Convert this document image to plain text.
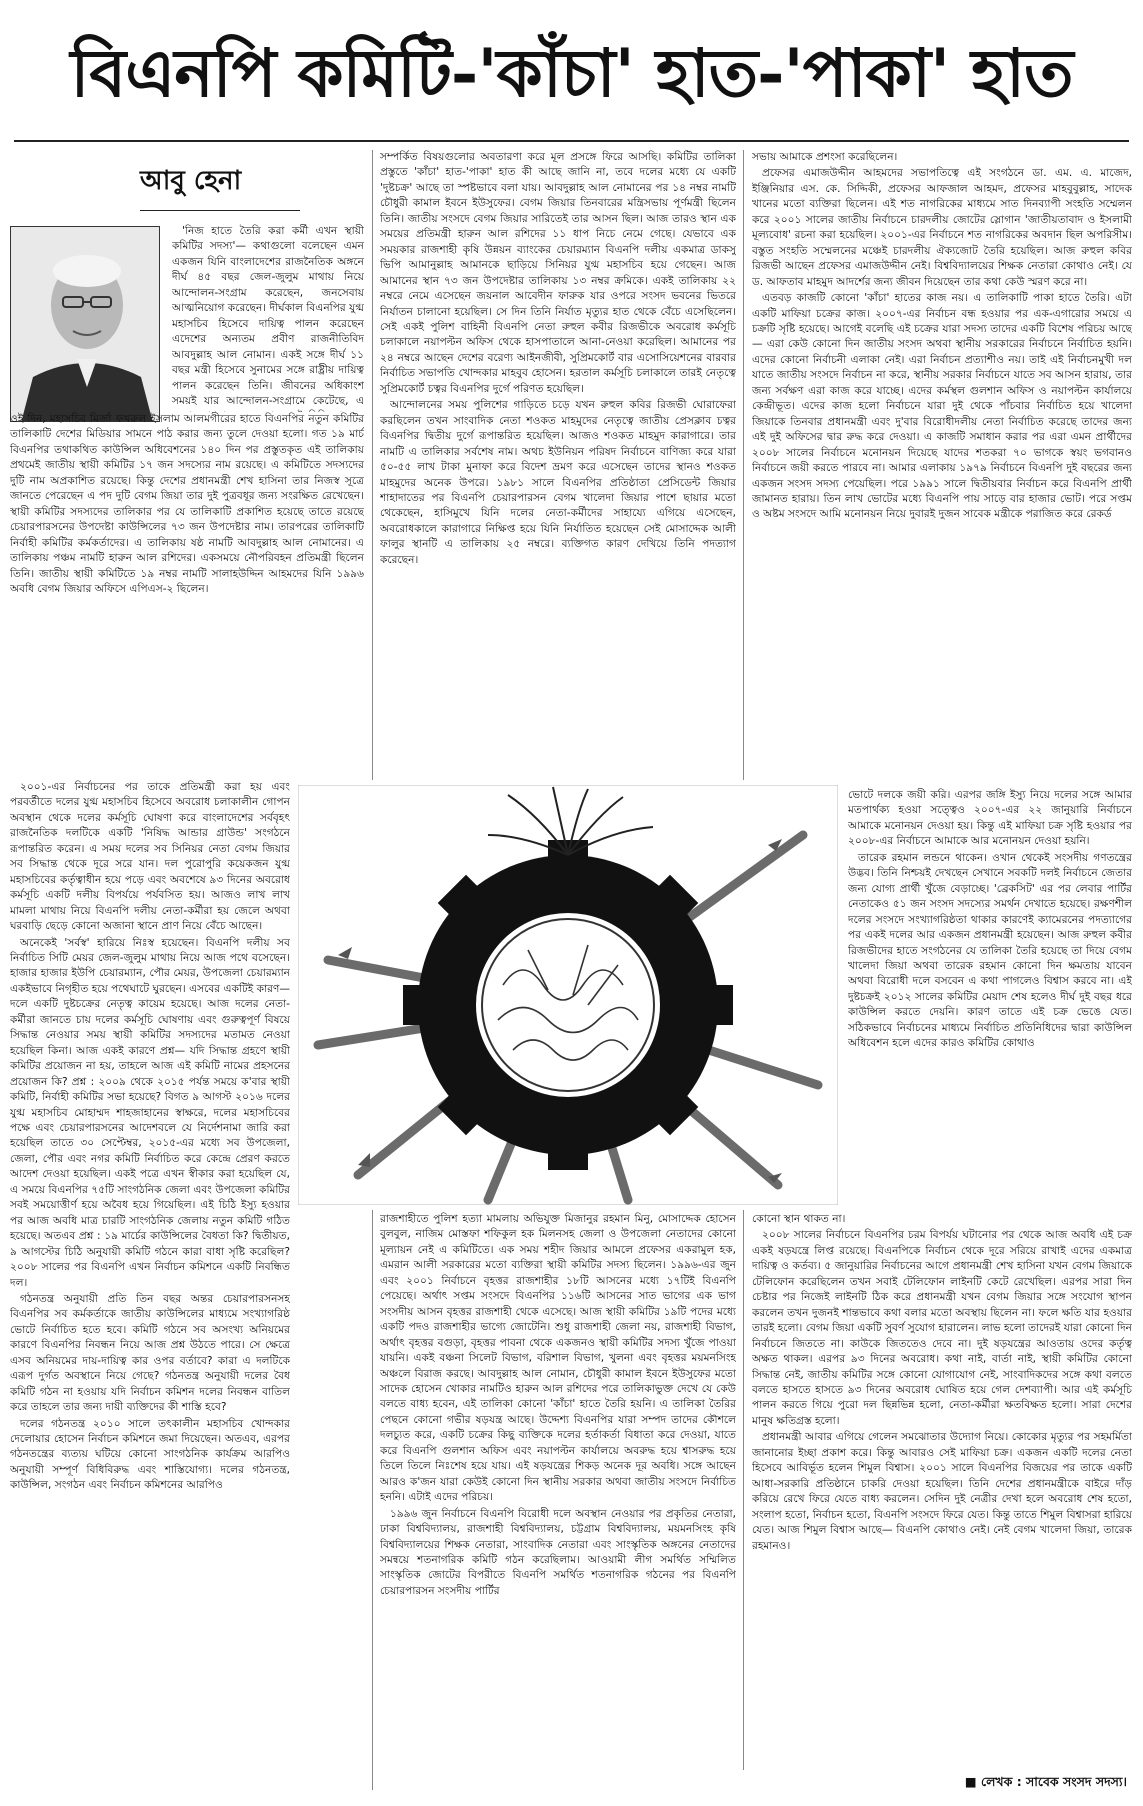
বিএনপি কমিটি-'কাঁচা' হাত-'পাকা' হাত
আবু হেনা

'নিজ হাতে তৈরি করা কর্মী এখন স্থায়ী কমিটির সদস্য'— কথাগুলো বলেছেন এমন একজন যিনি বাংলাদেশের রাজনৈতিক অঙ্গনে দীর্ঘ ৪৫ বছর জেল-জুলুম মাথায় নিয়ে আন্দোলন-সংগ্রাম করেছেন, জনসেবায় আত্মনিয়োগ করেছেন। দীর্ঘকাল বিএনপির যুগ্ম মহাসচিব হিসেবে দায়িত্ব পালন করেছেন এদেশের অন্যতম প্রবীণ রাজনীতিবিদ আবদুল্লাহ আল নোমান। একই সঙ্গে দীর্ঘ ১১ বছর মন্ত্রী হিসেবে সুনামের সঙ্গে রাষ্ট্রীয় দায়িত্ব পালন করেছেন তিনি। জীবনের অধিকাংশ সময়ই যার আন্দোলন-সংগ্রামে কেটেছে, এ

ওই দিন, মহাসচিব মির্জা ফখরুল ইসলাম আলমগীরের হাতে বিএনপির নতুন কমিটির তালিকাটি দেশের মিডিয়ার সামনে পাঠ করার জন্য তুলে দেওয়া হলো। গত ১৯ মার্চ বিএনপির তথাকথিত কাউন্সিল অধিবেশনের ১৪০ দিন পর প্রস্তুতকৃত এই তালিকায় প্রথমেই জাতীয় স্থায়ী কমিটির ১৭ জন সদস্যের নাম রয়েছে। এ কমিটিতে সদস্যদের দুটি নাম অপ্রকাশিত রয়েছে। কিন্তু দেশের প্রধানমন্ত্রী শেখ হাসিনা তার নিজস্ব সূত্রে জানতে পেরেছেন এ পদ দুটি বেগম জিয়া তার দুই পুত্রবধূর জন্য সংরক্ষিত রেখেছেন। স্থায়ী কমিটির সদস্যদের তালিকার পর যে তালিকাটি প্রকাশিত হয়েছে তাতে রয়েছে চেয়ারপারসনের উপদেষ্টা কাউন্সিলের ৭৩ জন উপদেষ্টার নাম। তারপরের তালিকাটি নির্বাহী কমিটির কর্মকর্তাদের। এ তালিকায় ষষ্ঠ নামটি আবদুল্লাহ আল নোমানের। এ তালিকায় পঞ্চম নামটি হারুন আল রশিদের। একসময়ে নৌপরিবহন প্রতিমন্ত্রী ছিলেন তিনি। জাতীয় স্থায়ী কমিটিতে ১৯ নম্বর নামটি সালাহউদ্দিন আহমদের যিনি ১৯৯৬ অবধি বেগম জিয়ার অফিসে এপিএস-২ ছিলেন।

২০০১-এর নির্বাচনের পর তাকে প্রতিমন্ত্রী করা হয় এবং পরবর্তীতে দলের যুগ্ম মহাসচিব হিসেবে অবরোধ চলাকালীন গোপন অবস্থান থেকে দলের কর্মসূচি ঘোষণা করে বাংলাদেশের সর্ববৃহৎ রাজনৈতিক দলটিকে একটি 'নিষিদ্ধ আন্ডার গ্রাউন্ড' সংগঠনে রূপান্তরিত করেন। এ সময় দলের সব সিনিয়র নেতা বেগম জিয়ার সব সিদ্ধান্ত থেকে দূরে সরে যান। দল পুরোপুরি কয়েকজন যুগ্ম মহাসচিবের কর্তৃত্বাধীন হয়ে পড়ে এবং অবশেষে ৯৩ দিনের অবরোধ কর্মসূচি একটি দলীয় বিপর্যয়ে পর্যবসিত হয়। আজও লাখ লাখ মামলা মাথায় নিয়ে বিএনপি দলীয় নেতা-কর্মীরা হয় জেলে অথবা ঘরবাড়ি ছেড়ে কোনো অজানা স্থানে প্রাণ নিয়ে বেঁচে আছেন।

অনেকেই 'সর্বস্ব' হারিয়ে নিঃস্ব হয়েছেন। বিএনপি দলীয় সব নির্বাচিত সিটি মেয়র জেল-জুলুম মাথায় নিয়ে আজ পথে বসেছেন। হাজার হাজার ইউপি চেয়ারম্যান, পৌর মেয়র, উপজেলা চেয়ারম্যান একইভাবে নিগৃহীত হয়ে পথেঘাটে ঘুরছেন। এসবের একটিই কারণ— দলে একটি দুষ্টচক্রের নেতৃত্ব কায়েম হয়েছে। আজ দলের নেতা-কর্মীরা জানতে চায় দলের কর্মসূচি ঘোষণায় এবং গুরুত্বপূর্ণ বিষয়ে সিদ্ধান্ত নেওয়ার সময় স্থায়ী কমিটির সদস্যদের মতামত নেওয়া হয়েছিল কিনা। আজ একই কারণে প্রশ্ন— যদি সিদ্ধান্ত গ্রহণে স্থায়ী কমিটির প্রয়োজন না হয়, তাহলে আজ এই কমিটি নামের প্রহসনের প্রয়োজন কি? প্রশ্ন : ২০০৯ থেকে ২০১৫ পর্যন্ত সময়ে ক'বার স্থায়ী কমিটি, নির্বাহী কমিটির সভা হয়েছে? বিগত ৯ আগস্ট ২০১৬ দলের যুগ্ম মহাসচিব মোহাম্মদ শাহজাহানের স্বাক্ষরে, দলের মহাসচিবের পক্ষে এবং চেয়ারপারসনের আদেশবলে যে নির্দেশনামা জারি করা হয়েছিল তাতে ৩০ সেপ্টেম্বর, ২০১৫-এর মধ্যে সব উপজেলা, জেলা, পৌর এবং নগর কমিটি নির্বাচিত করে কেন্দ্রে প্রেরণ করতে আদেশ দেওয়া হয়েছিল। একই পত্রে এখন স্বীকার করা হয়েছিল যে, এ সময়ে বিএনপির ৭৫টি সাংগঠনিক জেলা এবং উপজেলা কমিটির সবই সময়োত্তীর্ণ হয়ে অবৈধ হয়ে গিয়েছিল। এই চিঠি ইস্যু হওয়ার পর আজ অবধি মাত্র চারটি সাংগঠনিক জেলায় নতুন কমিটি গঠিত হয়েছে। অতএব প্রশ্ন : ১৯ মার্চের কাউন্সিলের বৈধতা কি? দ্বিতীয়ত, ৯ আগস্টের চিঠি অনুযায়ী কমিটি গঠনে কারা বাধা সৃষ্টি করেছিল? ২০০৮ সালের পর বিএনপি এখন নির্বাচন কমিশনে একটি নিবন্ধিত দল।

গঠনতন্ত্র অনুযায়ী প্রতি তিন বছর অন্তর চেয়ারপারসনসহ বিএনপির সব কর্মকর্তাকে জাতীয় কাউন্সিলের মাধ্যমে সংখ্যাগরিষ্ঠ ভোটে নির্বাচিত হতে হবে। কমিটি গঠনে সব অসংখ্য অনিয়মের কারণে বিএনপির নিবন্ধন নিয়ে আজ প্রশ্ন উঠতে পারে। সে ক্ষেত্রে এসব অনিয়মের দায়-দায়িত্ব কার ওপর বর্তাবে? কারা এ দলটিকে এরূপ দুর্গত অবস্থানে নিয়ে গেছে? গঠনতন্ত্র অনুযায়ী দলের বৈধ কমিটি গঠন না হওয়ায় যদি নির্বাচন কমিশন দলের নিবন্ধন বাতিল করে তাহলে তার জন্য দায়ী ব্যক্তিদের কী শাস্তি হবে?

দলের গঠনতন্ত্র ২০১০ সালে তৎকালীন মহাসচিব খোন্দকার দেলোয়ার হোসেন নির্বাচন কমিশনে জমা দিয়েছেন। অতএব, এরপর গঠনতন্ত্রের ব্যত্যয় ঘটিয়ে কোনো সাংগঠনিক কার্যক্রম আরপিও অনুযায়ী সম্পূর্ণ বিধিবিরুদ্ধ এবং শাস্তিযোগ্য। দলের গঠনতন্ত্র, কাউন্সিল, সংগঠন এবং নির্বাচন কমিশনের আরপিও

সম্পর্কিত বিষয়গুলোর অবতারণা করে মূল প্রসঙ্গে ফিরে আসছি। কমিটির তালিকা প্রস্তুতে 'কাঁচা' হাত-'পাকা' হাত কী আছে জানি না, তবে দলের মধ্যে যে একটি 'দুষ্টচক্র' আছে তা স্পষ্টভাবে বলা যায়। আবদুল্লাহ আল নোমানের পর ১৪ নম্বর নামটি চৌধুরী কামাল ইবনে ইউসুফের। বেগম জিয়ার তিনবারের মন্ত্রিসভায় পূর্ণমন্ত্রী ছিলেন তিনি। জাতীয় সংসদে বেগম জিয়ার সারিতেই তার আসন ছিল। আজ তারও স্থান এক সময়ের প্রতিমন্ত্রী হারুন আল রশিদের ১১ ধাপ নিচে নেমে গেছে। যেভাবে এক সময়কার রাজশাহী কৃষি উন্নয়ন ব্যাংকের চেয়ারম্যান বিএনপি দলীয় একমাত্র ডাকসু ভিপি আমানুল্লাহ আমানকে ছাড়িয়ে সিনিয়র যুগ্ম মহাসচিব হয়ে গেছেন। আজ আমানের স্থান ৭৩ জন উপদেষ্টার তালিকায় ১৩ নম্বর ক্রমিকে। একই তালিকায় ২২ নম্বরে নেমে এসেছেন জয়নাল আবেদীন ফারুক যার ওপরে সংসদ ভবনের ভিতরে নির্যাতন চালানো হয়েছিল। সে দিন তিনি নির্যাত মৃত্যুর হাত থেকে বেঁচে এসেছিলেন। সেই একই পুলিশ বাহিনী বিএনপি নেতা রুহুল কবীর রিজভীকে অবরোধ কর্মসূচি চলাকালে নয়াপল্টন অফিস থেকে হাসপাতালে আনা-নেওয়া করেছিল। আমানের পর ২৪ নম্বরে আছেন দেশের বরেণ্য আইনজীবী, সুপ্রিমকোর্ট বার এসোসিয়েশনের বারবার নির্বাচিত সভাপতি খোন্দকার মাহবুব হোসেন। হরতাল কর্মসূচি চলাকালে তারই নেতৃত্বে সুপ্রিমকোর্ট চত্বর বিএনপির দুর্গে পরিণত হয়েছিল।

আন্দোলনের সময় পুলিশের গাড়িতে চড়ে যখন রুহুল কবির রিজভী ঘোরাফেরা করছিলেন তখন সাংবাদিক নেতা শওকত মাহমুদের নেতৃত্বে জাতীয় প্রেসক্লাব চত্বর বিএনপির দ্বিতীয় দুর্গে রূপান্তরিত হয়েছিল। আজও শওকত মাহমুদ কারাগারে। তার নামটি এ তালিকার সর্বশেষ নাম। অথচ ইউনিয়ন পরিষদ নির্বাচনে বাণিজ্য করে যারা ৫০-৫৫ লাখ টাকা মুনাফা করে বিদেশ ভ্রমণ করে এসেছেন তাদের স্থানও শওকত মাহমুদের অনেক উপরে। ১৯৮১ সালে বিএনপির প্রতিষ্ঠাতা প্রেসিডেন্ট জিয়ার শাহাদাতের পর বিএনপি চেয়ারপারসন বেগম খালেদা জিয়ার পাশে ছায়ার মতো থেকেছেন, হাসিমুখে যিনি দলের নেতা-কর্মীদের সাহায্যে এগিয়ে এসেছেন, অবরোধকালে কারাগারে নিক্ষিপ্ত হয়ে যিনি নির্যাতিত হয়েছেন সেই মোসাদ্দেক আলী ফালুর স্থানটি এ তালিকায় ২৫ নম্বরে। ব্যক্তিগত কারণ দেখিয়ে তিনি পদত্যাগ করেছেন।

সভায় আমাকে প্রশংসা করেছিলেন।

প্রফেসর এমাজউদ্দীন আহমদের সভাপতিত্বে এই সংগঠনে ডা. এম. এ. মাজেদ, ইঞ্জিনিয়ার এস. কে. সিদ্দিকী, প্রফেসর আফজাল আহমদ, প্রফেসর মাহবুবুল্লাহ, সাদেক খানের মতো ব্যক্তিরা ছিলেন। এই শত নাগরিকের মাধ্যমে সাত দিনব্যাপী সংহতি সম্মেলন করে ২০০১ সালের জাতীয় নির্বাচনে চারদলীয় জোটের স্লোগান 'জাতীয়তাবাদ ও ইসলামী মূল্যবোধ' রচনা করা হয়েছিল। ২০০১-এর নির্বাচনে শত নাগরিকের অবদান ছিল অপরিসীম। বস্তুত সংহতি সম্মেলনের মঞ্চেই চারদলীয় ঐক্যজোট তৈরি হয়েছিল। আজ রুহুল কবির রিজভী আছেন প্রফেসর এমাজউদ্দীন নেই। বিশ্ববিদ্যালয়ের শিক্ষক নেতারা কোথাও নেই। যে ড. আফতাব মাহমুদ আদর্শের জন্য জীবন দিয়েছেন তার কথা কেউ স্মরণ করে না।

এতবড় কাজটি কোনো 'কাঁচা' হাতের কাজ নয়। এ তালিকাটি পাকা হাতে তৈরি। এটা একটি মাফিয়া চক্রের কাজ। ২০০৭-এর নির্বাচন বন্ধ হওয়ার পর এক-এগারোর সময়ে এ চক্রটি সৃষ্টি হয়েছে। আগেই বলেছি এই চক্রের যারা সদস্য তাদের একটি বিশেষ পরিচয় আছে— এরা কেউ কোনো দিন জাতীয় সংসদ অথবা স্থানীয় সরকারের নির্বাচনে নির্বাচিত হয়নি। এদের কোনো নির্বাচনী এলাকা নেই। এরা নির্বাচন প্রত্যাশীও নয়। তাই এই নির্বাচনমুখী দল যাতে জাতীয় সংসদে নির্বাচন না করে, স্থানীয় সরকার নির্বাচনে যাতে সব আসন হারায়, তার জন্য সর্বক্ষণ এরা কাজ করে যাচ্ছে। এদের কর্মস্থল গুলশান অফিস ও নয়াপল্টন কার্যালয়ে কেন্দ্রীভূত। এদের কাজ হলো নির্বাচনে যারা দুই থেকে পাঁচবার নির্বাচিত হয়ে খালেদা জিয়াকে তিনবার প্রধানমন্ত্রী এবং দু'বার বিরোধীদলীয় নেতা নির্বাচিত করেছে তাদের জন্য এই দুই অফিসের দ্বার রুদ্ধ করে দেওয়া। এ কাজটি সমাধান করার পর এরা এমন প্রার্থীদের ২০০৮ সালের নির্বাচনে মনোনয়ন দিয়েছে যাদের শতকরা ৭০ ভাগকে স্বয়ং ভগবানও নির্বাচনে জয়ী করতে পারবে না। আমার এলাকায় ১৯৭৯ নির্বাচনে বিএনপি দুই বছরের জন্য একজন সংসদ সদস্য পেয়েছিল। পরে ১৯৯১ সালে দ্বিতীয়বার নির্বাচন করে বিএনপি প্রার্থী জামানত হারায়। তিন লাখ ভোটের মধ্যে বিএনপি পায় সাড়ে বার হাজার ভোট। পরে সপ্তম ও অষ্টম সংসদে আমি মনোনয়ন নিয়ে দুবারই দুজন সাবেক মন্ত্রীকে পরাজিত করে রেকর্ড

ভোটে দলকে জয়ী করি। এরপর জঙ্গি ইস্যু নিয়ে দলের সঙ্গে আমার মতপার্থক্য হওয়া সত্ত্বেও ২০০৭-এর ২২ জানুয়ারি নির্বাচনে আমাকে মনোনয়ন দেওয়া হয়। কিন্তু এই মাফিয়া চক্র সৃষ্টি হওয়ার পর ২০০৮-এর নির্বাচনে আমাকে আর মনোনয়ন দেওয়া হয়নি।

তারেক রহমান লন্ডনে থাকেন। ওখান থেকেই সংসদীয় গণতন্ত্রের উদ্ভব। তিনি নিশ্চয়ই দেখছেন সেখানে সবকটি দলই নির্বাচনে জেতার জন্য যোগ্য প্রার্থী খুঁজে বেড়াচ্ছে। 'ব্রেকসিট' এর পর লেবার পার্টির নেতাকেও ৫১ জন সংসদ সদস্যের সমর্থন দেখাতে হয়েছে। রক্ষণশীল দলের সংসদে সংখ্যাগরিষ্ঠতা থাকার কারণেই ক্যামেরনের পদত্যাগের পর একই দলের আর একজন প্রধানমন্ত্রী হয়েছেন। আজ রুহুল কবীর রিজভীদের হাতে সংগঠনের যে তালিকা তৈরি হয়েছে তা দিয়ে বেগম খালেদা জিয়া অথবা তারেক রহমান কোনো দিন ক্ষমতায় যাবেন অথবা বিরোধী দলে বসবেন এ কথা পাগলেও বিশ্বাস করবে না। এই দুষ্টচক্রই ২০১২ সালের কমিটির মেয়াদ শেষ হলেও দীর্ঘ দুই বছর ধরে কাউন্সিল করতে দেয়নি। কারণ তাতে এই চক্র ভেঙে যেত। সঠিকভাবে নির্বাচনের মাধ্যমে নির্বাচিত প্রতিনিধিদের দ্বারা কাউন্সিল অধিবেশন হলে এদের কারও কমিটির কোথাও

রাজশাহীতে পুলিশ হত্যা মামলায় অভিযুক্ত মিজানুর রহমান মিনু, মোসাদ্দেক হোসেন বুলবুল, নাজিম মোস্তফা শফিকুল হক মিলনসহ জেলা ও উপজেলা নেতাদের কোনো মূল্যায়ন নেই এ কমিটিতে। এক সময় শহীদ জিয়ার আমলে প্রফেসর একরামুল হক, এমরান আলী সরকারের মতো ব্যক্তিরা স্থায়ী কমিটির সদস্য ছিলেন। ১৯৯৬-এর জুন এবং ২০০১ নির্বাচনে বৃহত্তর রাজশাহীর ১৮টি আসনের মধ্যে ১৭টিই বিএনপি পেয়েছে। অর্থাৎ সপ্তম সংসদে বিএনপির ১১৬টি আসনের সাত ভাগের এক ভাগ সংসদীয় আসন বৃহত্তর রাজশাহী থেকে এসেছে। আজ স্থায়ী কমিটির ১৯টি পদের মধ্যে একটি পদও রাজশাহীর ভাগ্যে জোটেনি। শুধু রাজশাহী জেলা নয়, রাজশাহী বিভাগ, অর্থাৎ বৃহত্তর বগুড়া, বৃহত্তর পাবনা থেকে একজনও স্থায়ী কমিটির সদস্য খুঁজে পাওয়া যায়নি। একই বঞ্চনা সিলেট বিভাগ, বরিশাল বিভাগ, খুলনা এবং বৃহত্তর ময়মনসিংহ অঞ্চলে বিরাজ করছে। আবদুল্লাহ আল নোমান, চৌধুরী কামাল ইবনে ইউসুফের মতো সাদেক হোসেন খোকার নামটিও হারুন আল রশিদের পরে তালিকাভুক্ত দেখে যে কেউ বলতে বাধ্য হবেন, এই তালিকা কোনো 'কাঁচা' হাতে তৈরি হয়নি। এ তালিকা তৈরির পেছনে কোনো গভীর ষড়যন্ত্র আছে। উদ্দেশ্য বিএনপির যারা সম্পদ তাদের কৌশলে দলচ্যুত করে, একটি চক্রের কিছু ব্যক্তিকে দলের হর্তাকর্তা বিধাতা করে দেওয়া, যাতে করে বিএনপি গুলশান অফিস এবং নয়াপল্টন কার্যালয়ে অবরুদ্ধ হয়ে শ্বাসরুদ্ধ হয়ে তিলে তিলে নিঃশেষ হয়ে যায়। এই ষড়যন্ত্রের শিকড় অনেক দূর অবধি। সঙ্গে আছেন আরও ক'জন যারা কেউই কোনো দিন স্থানীয় সরকার অথবা জাতীয় সংসদে নির্বাচিত হননি। এটাই এদের পরিচয়।

১৯৯৬ জুন নির্বাচনে বিএনপি বিরোধী দলে অবস্থান নেওয়ার পর প্রকৃতির নেতারা, ঢাকা বিশ্ববিদ্যালয়, রাজশাহী বিশ্ববিদ্যালয়, চট্টগ্রাম বিশ্ববিদ্যালয়, ময়মনসিংহ কৃষি বিশ্ববিদ্যালয়ের শিক্ষক নেতারা, সাংবাদিক নেতারা এবং সাংস্কৃতিক অঙ্গনের নেতাদের সমন্বয়ে শতনাগরিক কমিটি গঠন করেছিলাম। আওয়ামী লীগ সমর্থিত সম্মিলিত সাংস্কৃতিক জোটের বিপরীতে বিএনপি সমর্থিত শতনাগরিক গঠনের পর বিএনপি চেয়ারপারসন সংসদীয় পার্টির

কোনো স্থান থাকত না।

২০০৮ সালের নির্বাচনে বিএনপির চরম বিপর্যয় ঘটানোর পর থেকে আজ অবধি এই চক্র একই ষড়যন্ত্রে লিপ্ত রয়েছে। বিএনপিকে নির্বাচন থেকে দূরে সরিয়ে রাখাই এদের একমাত্র দায়িত্ব ও কর্তব্য। ৫ জানুয়ারির নির্বাচনের আগে প্রধানমন্ত্রী শেখ হাসিনা যখন বেগম জিয়াকে টেলিফোন করেছিলেন তখন সবাই টেলিফোন লাইনটি কেটে রেখেছিল। এরপর সারা দিন চেষ্টার পর নিজেই লাইনটি ঠিক করে প্রধানমন্ত্রী যখন বেগম জিয়ার সঙ্গে সংযোগ স্থাপন করলেন তখন দুজনই শান্তভাবে কথা বলার মতো অবস্থায় ছিলেন না। ফলে ক্ষতি যার হওয়ার তারই হলো। বেগম জিয়া একটি সুবর্ণ সুযোগ হারালেন। লাভ হলো তাদেরই যারা কোনো দিন নির্বাচনে জিততে না। কাউকে জিততেও দেবে না। দুই ষড়যন্ত্রের আওতায় ওদের কর্তৃত্ব অক্ষত থাকল। এরপর ৯৩ দিনের অবরোধ। কথা নাই, বার্তা নাই, স্থায়ী কমিটির কোনো সিদ্ধান্ত নেই, জাতীয় কমিটির সঙ্গে কোনো যোগাযোগ নেই, সাংবাদিকদের সঙ্গে কথা বলতে বলতে হাসতে হাসতে ৯৩ দিনের অবরোধ ঘোষিত হয়ে গেল দেশব্যাপী। আর এই কর্মসূচি পালন করতে গিয়ে পুরো দল ছিন্নভিন্ন হলো, নেতা-কর্মীরা ক্ষতবিক্ষত হলো। সারা দেশের মানুষ ক্ষতিগ্রস্ত হলো।

প্রধানমন্ত্রী আবার এগিয়ে গেলেন সমঝোতার উদ্যোগ নিয়ে। কোকোর মৃত্যুর পর সহমর্মিতা জানানোর ইচ্ছা প্রকাশ করে। কিন্তু আবারও সেই মাফিয়া চক্র। একজন একটি দলের নেতা হিসেবে আবির্ভূত হলেন শিমুল বিশ্বাস। ২০০১ সালে বিএনপির বিজয়ের পর তাকে একটি আধা-সরকারি প্রতিষ্ঠানে চাকরি দেওয়া হয়েছিল। তিনি দেশের প্রধানমন্ত্রীকে বাইরে দাঁড় করিয়ে রেখে ফিরে যেতে বাধ্য করলেন। সেদিন দুই নেত্রীর দেখা হলে অবরোধ শেষ হতো, সংলাপ হতো, নির্বাচন হতো, বিএনপি সংসদে ফিরে যেত। কিন্তু তাতে শিমুল বিশ্বাসরা হারিয়ে যেত। আজ শিমুল বিশ্বাস আছে— বিএনপি কোথাও নেই। নেই বেগম খালেদা জিয়া, তারেক রহমানও।

■ লেখক : সাবেক সংসদ সদস্য।
